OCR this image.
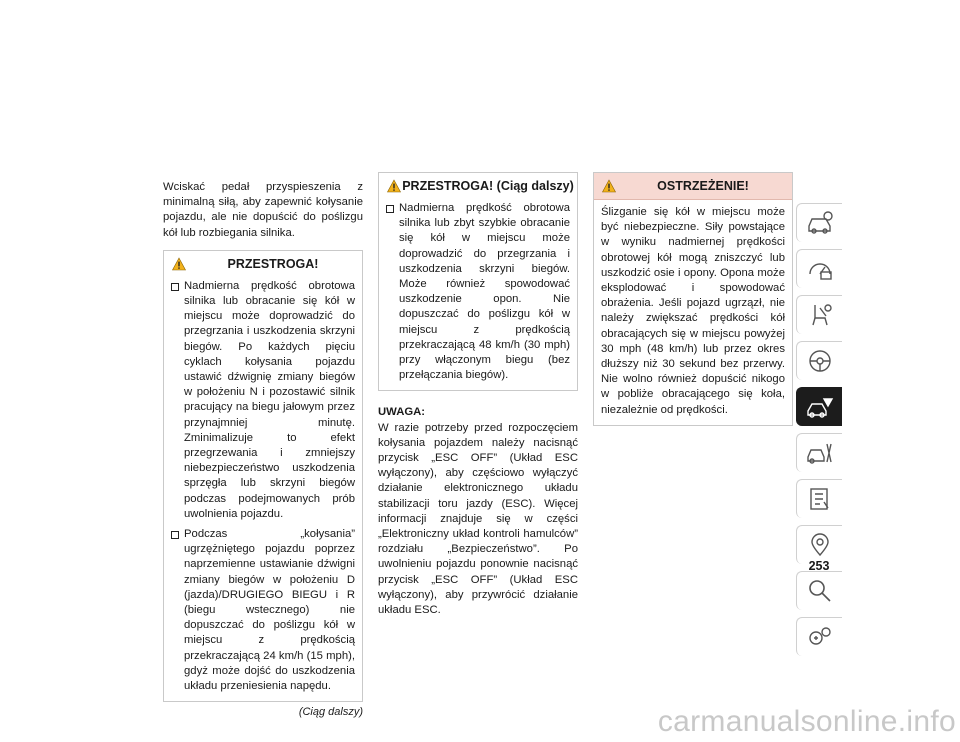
Wciskać pedał przyspieszenia z minimalną siłą, aby zapewnić kołysanie pojazdu, ale nie dopuścić do poślizgu kół lub rozbiegania silnika.

PRZESTROGA!

Nadmierna prędkość obrotowa silnika lub obracanie się kół w miejscu może doprowadzić do przegrzania i uszkodzenia skrzyni biegów. Po każdych pięciu cyklach kołysania pojazdu ustawić dźwignię zmiany biegów w położeniu N i pozostawić silnik pracujący na biegu jałowym przez przynajmniej minutę. Zminimalizuje to efekt przegrzewania i zmniejszy niebezpieczeństwo uszkodzenia sprzęgła lub skrzyni biegów podczas podejmowanych prób uwolnienia pojazdu.

Podczas „kołysania” ugrzężniętego pojazdu poprzez naprzemienne ustawianie dźwigni zmiany biegów w położeniu D (jazda)/DRUGIEGO BIEGU i R (biegu wstecznego) nie dopuszczać do poślizgu kół w miejscu z prędkością przekraczającą 24 km/h (15 mph), gdyż może dojść do uszkodzenia układu przeniesienia napędu.

(Ciąg dalszy)
PRZESTROGA! (Ciąg dalszy)

Nadmierna prędkość obrotowa silnika lub zbyt szybkie obracanie się kół w miejscu może doprowadzić do przegrzania i uszkodzenia skrzyni biegów. Może również spowodować uszkodzenie opon. Nie dopuszczać do poślizgu kół w miejscu z prędkością przekraczającą 48 km/h (30 mph) przy włączonym biegu (bez przełączania biegów).

UWAGA:

W razie potrzeby przed rozpoczęciem kołysania pojazdem należy nacisnąć przycisk „ESC OFF” (Układ ESC wyłączony), aby częściowo wyłączyć działanie elektronicznego układu stabilizacji toru jazdy (ESC). Więcej informacji znajduje się w części „Elektroniczny układ kontroli hamulców” rozdziału „Bezpieczeństwo”. Po uwolnieniu pojazdu ponownie nacisnąć przycisk „ESC OFF” (Układ ESC wyłączony), aby przywrócić działanie układu ESC.

OSTRZEŻENIE!

Ślizganie się kół w miejscu może być niebezpieczne. Siły powstające w wyniku nadmiernej prędkości obrotowej kół mogą zniszczyć lub uszkodzić osie i opony. Opona może eksplodować i spowodować obrażenia. Jeśli pojazd ugrzązł, nie należy zwiększać prędkości kół obracających się w miejscu powyżej 30 mph (48 km/h) lub przez okres dłuższy niż 30 sekund bez przerwy. Nie wolno również dopuścić nikogo w pobliże obracającego się koła, niezależnie od prędkości.

253
carmanualsonline.info
